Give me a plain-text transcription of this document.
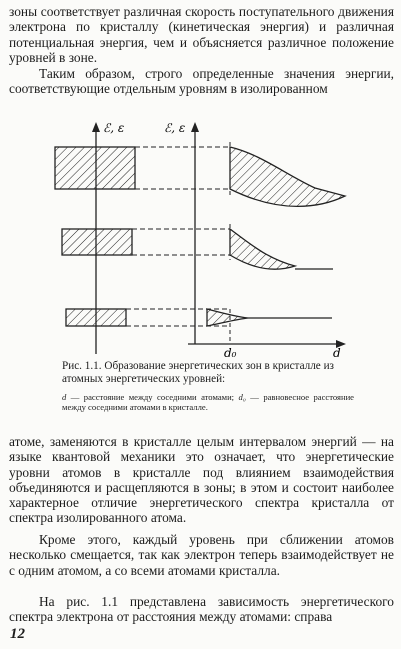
зоны соответствует различная скорость поступательного движения электрона по кристаллу (кинетическая энергия) и различная потенциальная энергия, чем и объясняется различное положение уровней в зоне.

Таким образом, строго определенные значения энергии, соответствующие отдельным уровням в изолированном

ℰ, ε	ℰ, ε
d₀	d

Рис. 1.1. Образование энергетических зон в кристалле из атомных энергетических уровней:

d — расстояние между соседними атомами; d₀ — равновесное расстояние между соседними атомами в кристалле.

атоме, заменяются в кристалле целым интервалом энергий — на языке квантовой механики это означает, что энергетические уровни атомов в кристалле под влиянием взаимодействия объединяются и расщепляются в зоны; в этом и состоит наиболее характерное отличие энергетического спектра кристалла от спектра изолированного атома.

Кроме этого, каждый уровень при сближении атомов несколько смещается, так как электрон теперь взаимодействует не с одним атомом, а со всеми атомами кристалла.

На рис. 1.1 представлена зависимость энергетического спектра электрона от расстояния между атомами: справа

12
